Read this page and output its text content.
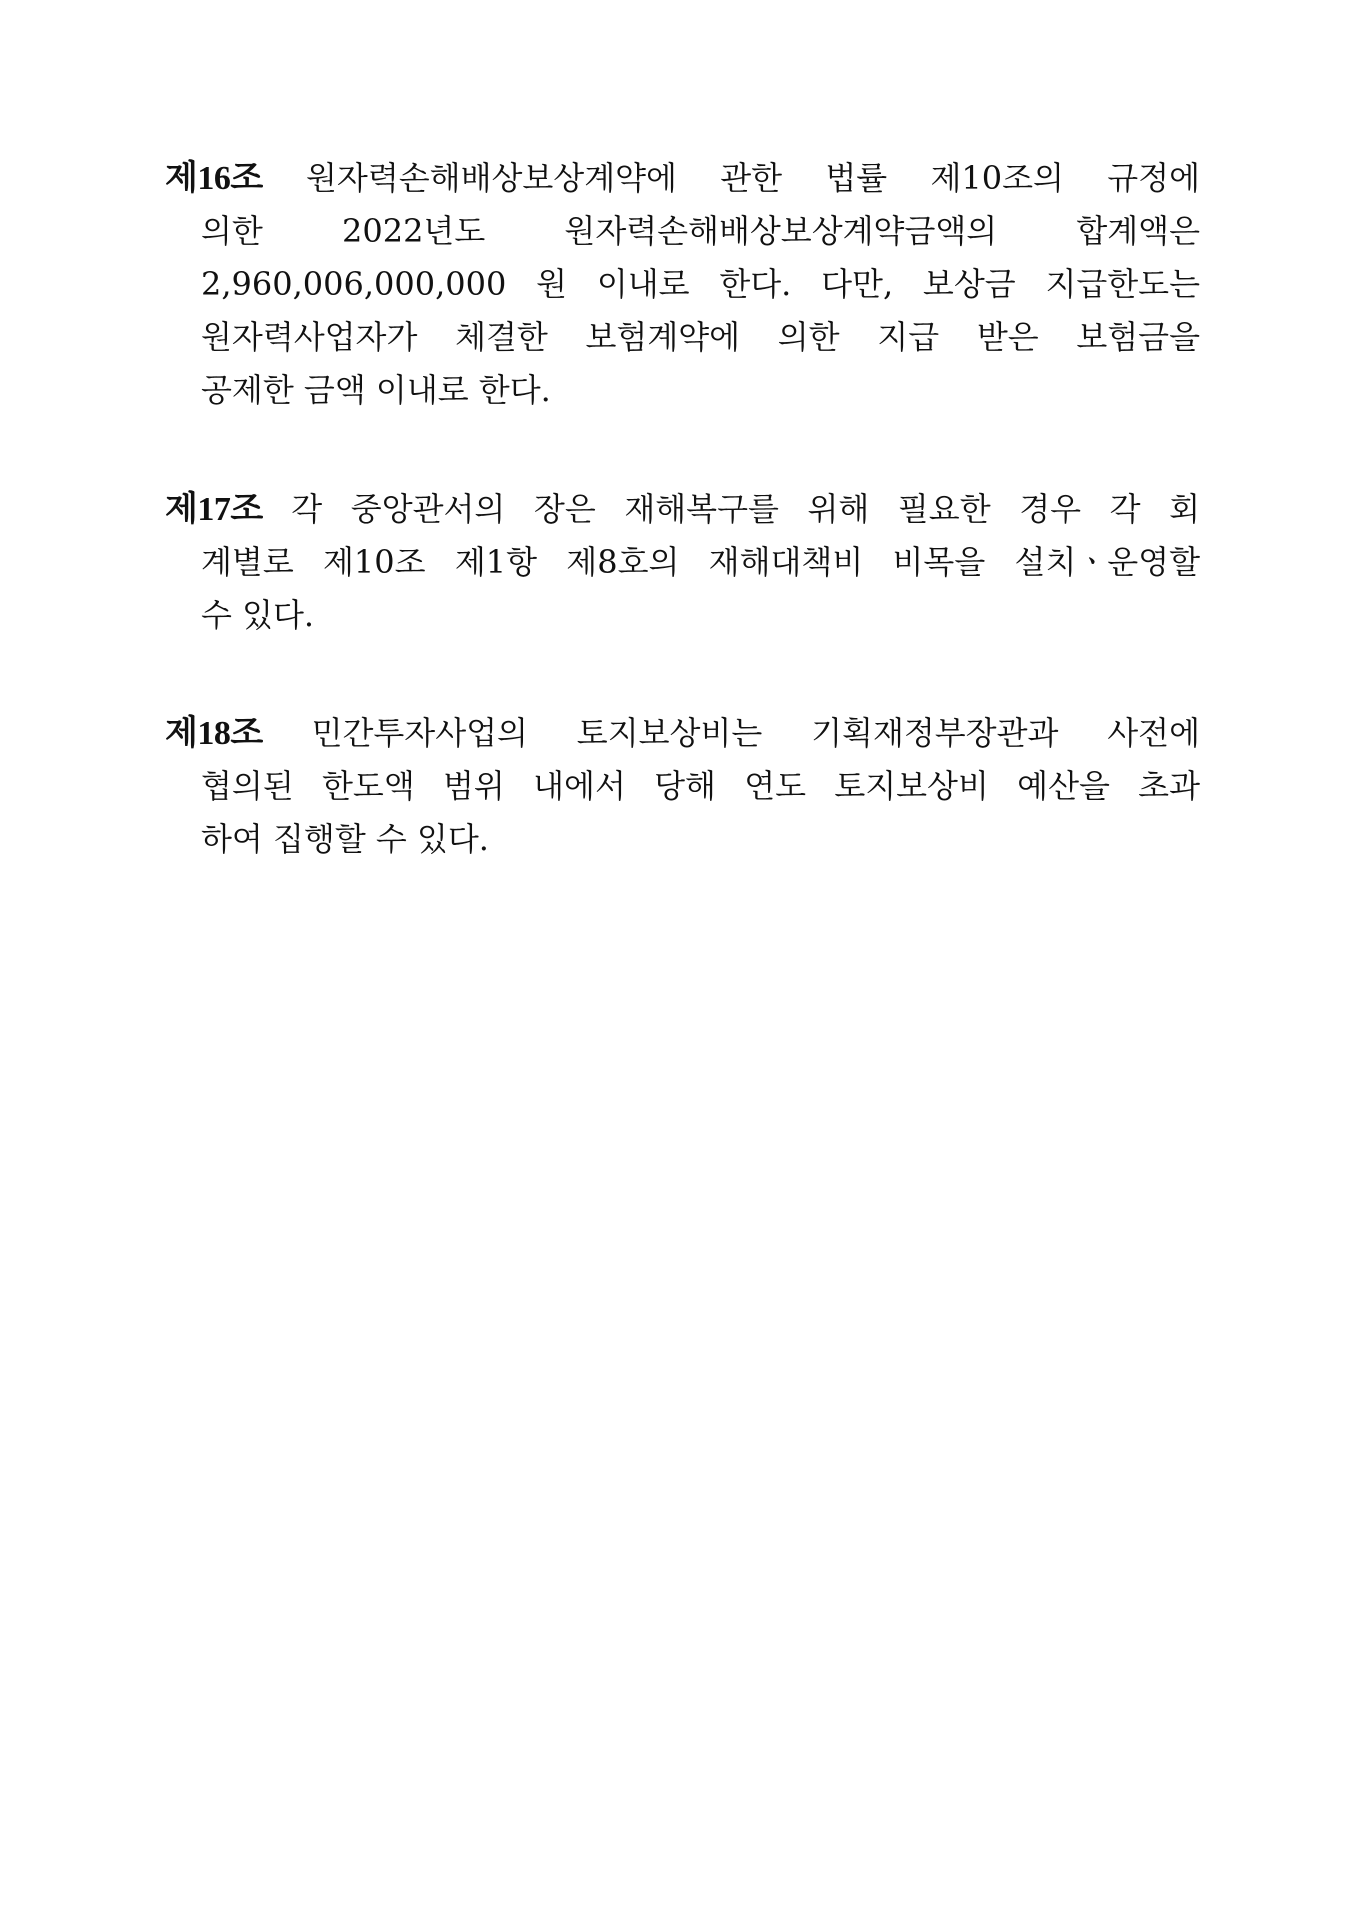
제16조 원자력손해배상보상계약에 관한 법률 제10조의 규정에
의한 2022년도 원자력손해배상보상계약금액의 합계액은
2,960,006,000,000 원 이내로 한다. 다만, 보상금 지급한도는
원자력사업자가 체결한 보험계약에 의한 지급 받은 보험금을
공제한 금액 이내로 한다.
제17조 각 중앙관서의 장은 재해복구를 위해 필요한 경우 각 회
계별로 제10조 제1항 제8호의 재해대책비 비목을 설치ㆍ운영할
수 있다.
제18조 민간투자사업의 토지보상비는 기획재정부장관과 사전에
협의된 한도액 범위 내에서 당해 연도 토지보상비 예산을 초과
하여 집행할 수 있다.
